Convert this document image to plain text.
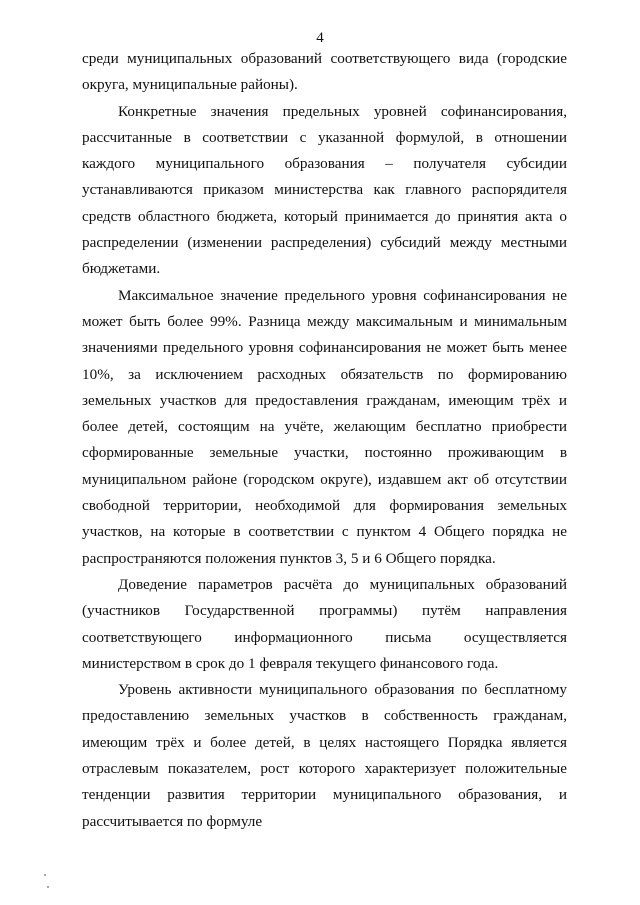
4

среди муниципальных образований соответствующего вида (городские округа, муниципальные районы).

Конкретные значения предельных уровней софинансирования, рассчитанные в соответствии с указанной формулой, в отношении каждого муниципального образования – получателя субсидии устанавливаются приказом министерства как главного распорядителя средств областного бюджета, который принимается до принятия акта о распределении (изменении распределения) субсидий между местными бюджетами.

Максимальное значение предельного уровня софинансирования не может быть более 99%. Разница между максимальным и минимальным значениями предельного уровня софинансирования не может быть менее 10%, за исключением расходных обязательств по формированию земельных участков для предоставления гражданам, имеющим трёх и более детей, состоящим на учёте, желающим бесплатно приобрести сформированные земельные участки, постоянно проживающим в муниципальном районе (городском округе), издавшем акт об отсутствии свободной территории, необходимой для формирования земельных участков, на которые в соответствии с пунктом 4 Общего порядка не распространяются положения пунктов 3, 5 и 6 Общего порядка.

Доведение параметров расчёта до муниципальных образований (участников Государственной программы) путём направления соответствующего информационного письма осуществляется министерством в срок до 1 февраля текущего финансового года.

Уровень активности муниципального образования по бесплатному предоставлению земельных участков в собственность гражданам, имеющим трёх и более детей, в целях настоящего Порядка является отраслевым показателем, рост которого характеризует положительные тенденции развития территории муниципального образования, и рассчитывается по формуле
